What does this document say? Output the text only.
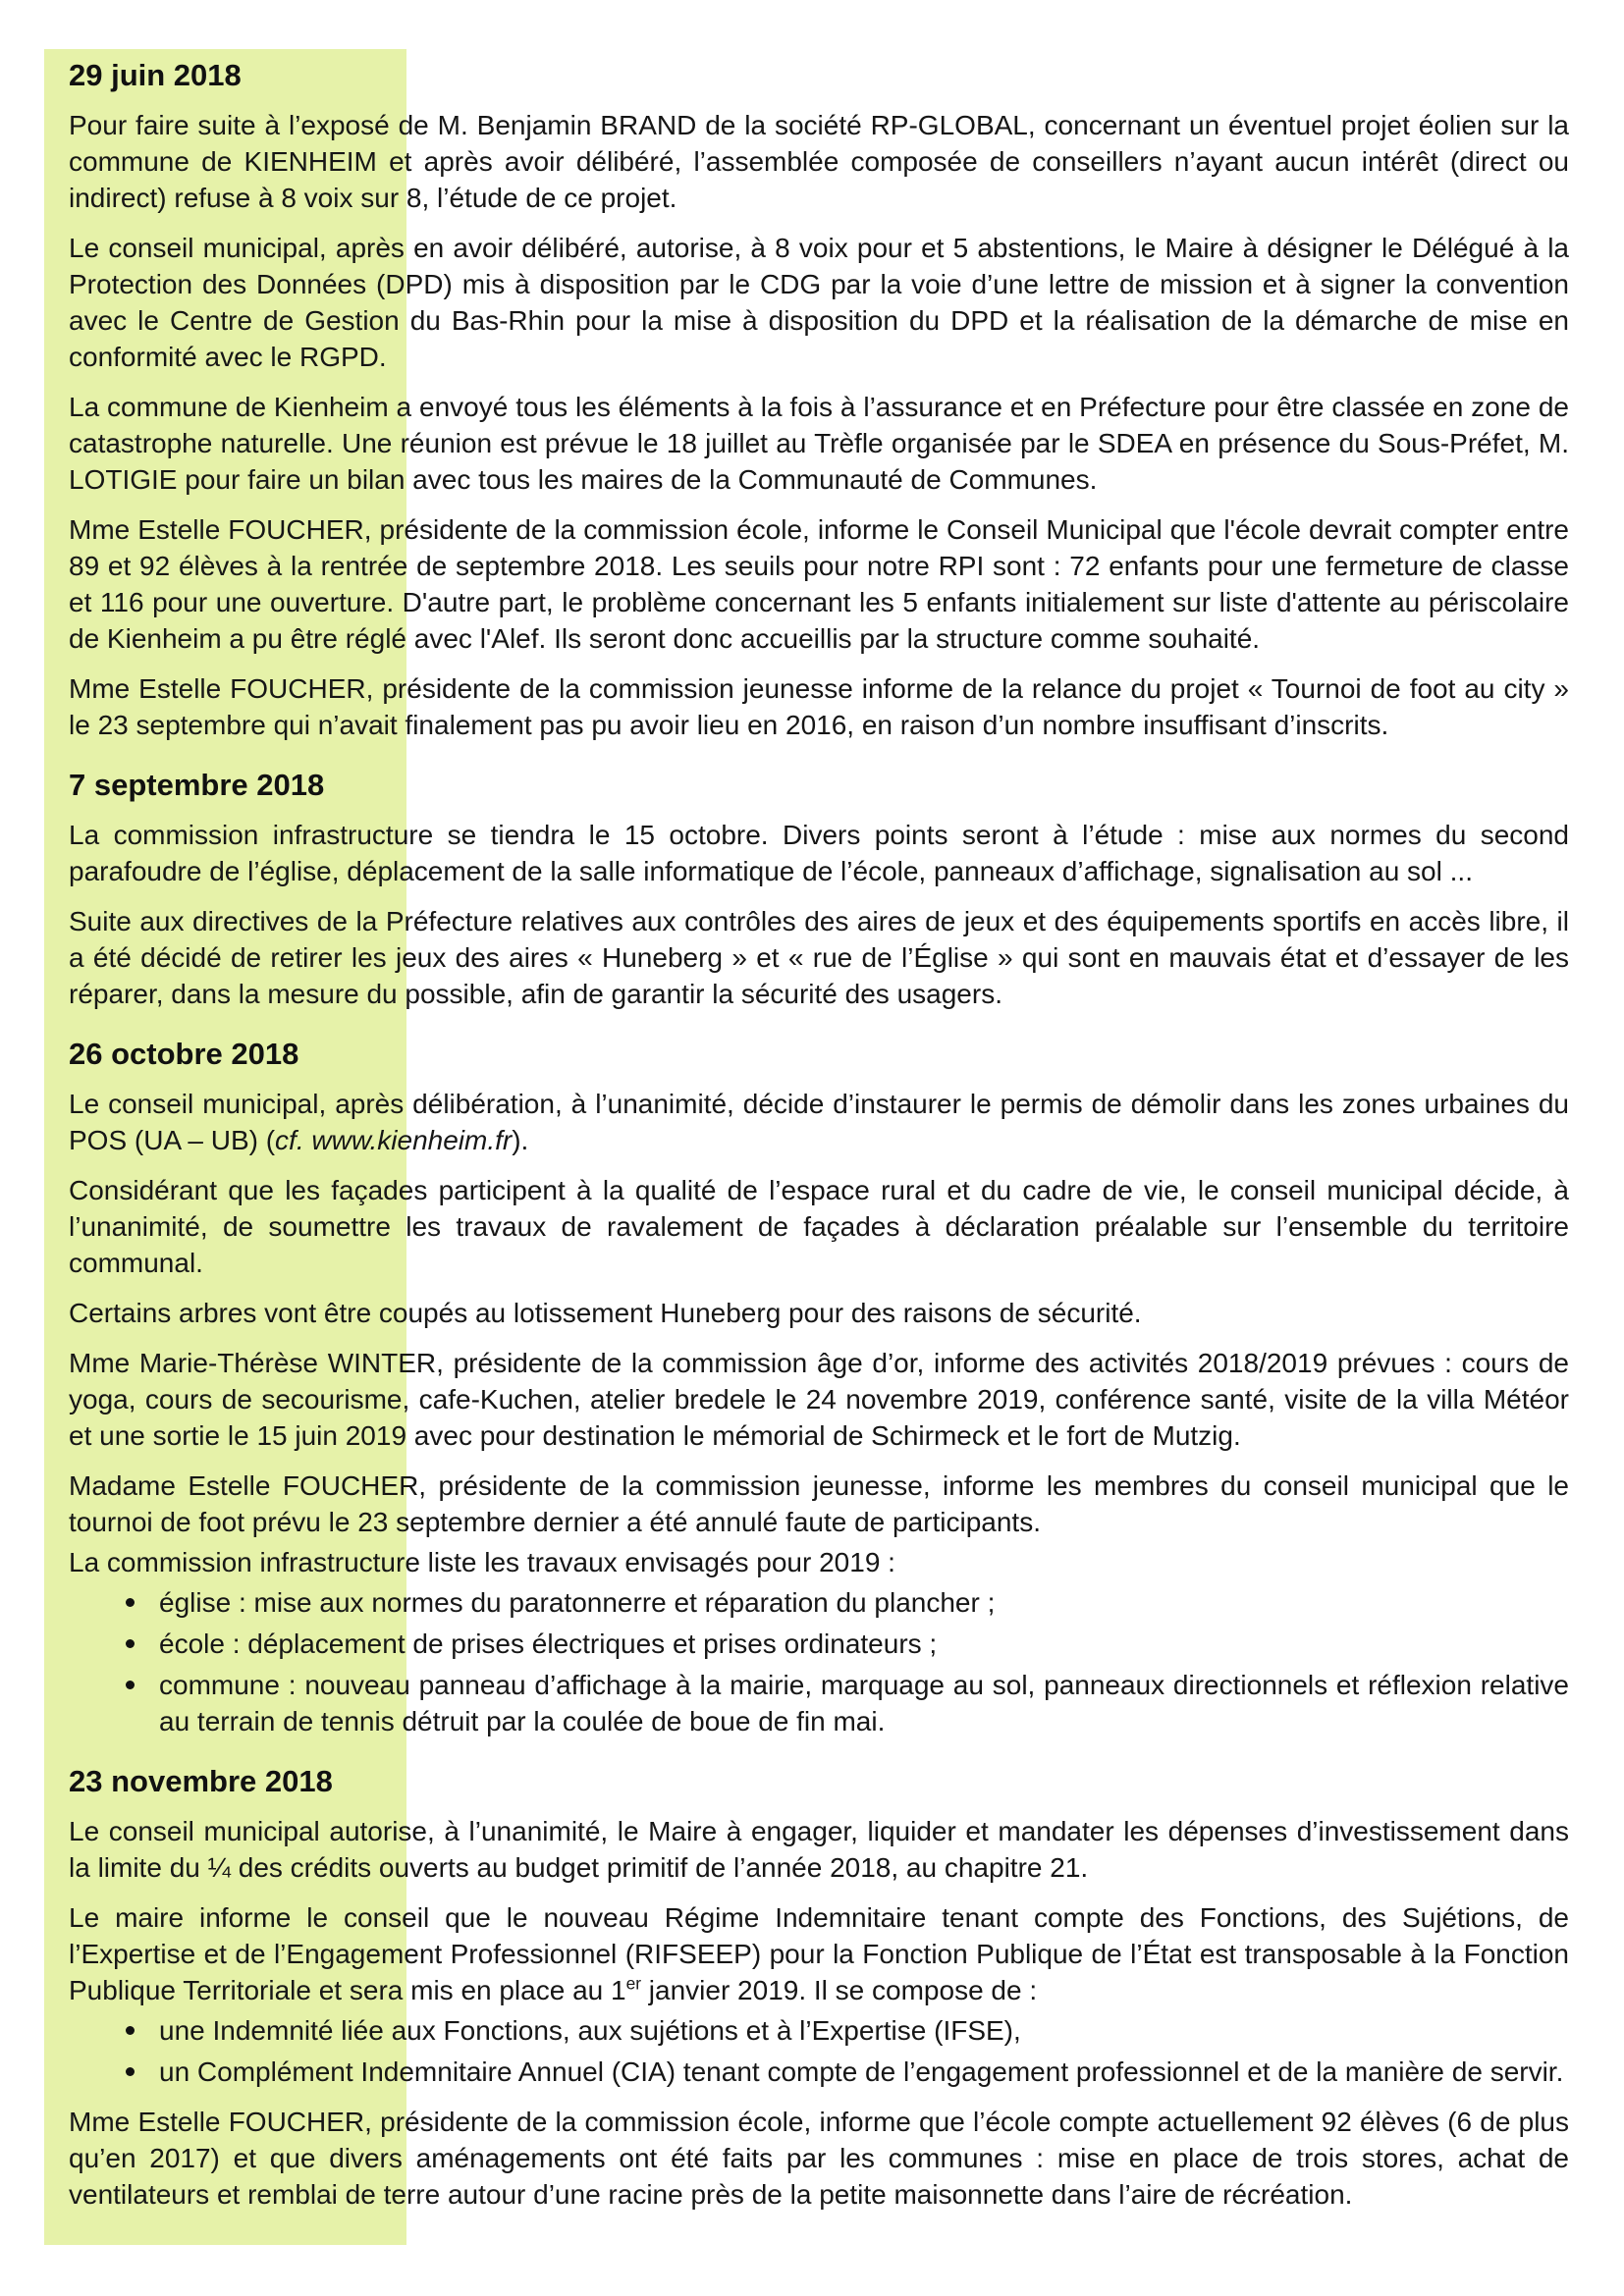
29 juin 2018

Pour faire suite à l’exposé de M. Benjamin BRAND de la société RP-GLOBAL, concernant un éventuel projet éolien sur la commune de KIENHEIM et après avoir délibéré, l’assemblée composée de conseillers n’ayant aucun intérêt (direct ou indirect) refuse à 8 voix sur 8, l’étude de ce projet.

Le conseil municipal, après en avoir délibéré, autorise, à 8 voix pour et 5 abstentions, le Maire à désigner le Délégué à la Protection des Données (DPD) mis à disposition par le CDG par la voie d’une lettre de mission et à signer la convention avec le Centre de Gestion du Bas-Rhin pour la mise à disposition du DPD et la réalisation de la démarche de mise en conformité avec le RGPD.

La commune de Kienheim a envoyé tous les éléments à la fois à l’assurance et en Préfecture pour être classée en zone de catastrophe naturelle. Une réunion est prévue le 18 juillet au Trèfle organisée par le SDEA en présence du Sous-Préfet, M. LOTIGIE pour faire un bilan avec tous les maires de la Communauté de Communes.

Mme Estelle FOUCHER, présidente de la commission école, informe le Conseil Municipal que l'école devrait compter entre 89 et 92 élèves à la rentrée de septembre 2018. Les seuils pour notre RPI sont : 72 enfants pour une fermeture de classe et 116 pour une ouverture. D'autre part, le problème concernant les 5 enfants initialement sur liste d'attente au périscolaire de Kienheim a pu être réglé avec l'Alef. Ils seront donc accueillis par la structure comme souhaité.

Mme Estelle FOUCHER, présidente de la commission jeunesse informe de la relance du projet « Tournoi de foot au city » le 23 septembre qui n’avait finalement pas pu avoir lieu en 2016, en raison d’un nombre insuffisant d’inscrits.

7 septembre 2018

La commission infrastructure se tiendra le 15 octobre. Divers points seront à l’étude : mise aux normes du second parafoudre de l’église, déplacement de la salle informatique de l’école, panneaux d’affichage, signalisation au sol ...

Suite aux directives de la Préfecture relatives aux contrôles des aires de jeux et des équipements sportifs en accès libre, il a été décidé de retirer les jeux des aires « Huneberg » et « rue de l’Église » qui sont en mauvais état et d’essayer de les réparer, dans la mesure du possible, afin de garantir la sécurité des usagers.

26 octobre 2018

Le conseil municipal, après délibération, à l’unanimité, décide d’instaurer le permis de démolir dans les zones urbaines du POS (UA – UB) (cf. www.kienheim.fr).

Considérant que les façades participent à la qualité de l’espace rural et du cadre de vie, le conseil municipal décide, à l’unanimité, de soumettre les travaux de ravalement de façades à déclaration préalable sur l’ensemble du territoire communal.

Certains arbres vont être coupés au lotissement Huneberg pour des raisons de sécurité.

Mme Marie-Thérèse WINTER, présidente de la commission âge d’or, informe des activités 2018/2019 prévues : cours de yoga, cours de secourisme, cafe-Kuchen, atelier bredele le 24 novembre 2019, conférence santé, visite de la villa Météor et une sortie le 15 juin 2019 avec pour destination le mémorial de Schirmeck et le fort de Mutzig.

Madame Estelle FOUCHER, présidente de la commission jeunesse, informe les membres du conseil municipal que le tournoi de foot prévu le 23 septembre dernier a été annulé faute de participants.

La commission infrastructure liste les travaux envisagés pour 2019 :

église : mise aux normes du paratonnerre et réparation du plancher ;
école : déplacement de prises électriques et prises ordinateurs ;
commune : nouveau panneau d’affichage à la mairie, marquage au sol, panneaux directionnels et réflexion relative au terrain de tennis détruit par la coulée de boue de fin mai.
23 novembre 2018

Le conseil municipal autorise, à l’unanimité, le Maire à engager, liquider et mandater les dépenses d’investissement dans la limite du ¼ des crédits ouverts au budget primitif de l’année 2018, au chapitre 21.

Le maire informe le conseil que le nouveau Régime Indemnitaire tenant compte des Fonctions, des Sujétions, de l’Expertise et de l’Engagement Professionnel (RIFSEEP) pour la Fonction Publique de l’État est transposable à la Fonction Publique Territoriale et sera mis en place au 1er janvier 2019. Il se compose de :

une Indemnité liée aux Fonctions, aux sujétions et à l’Expertise (IFSE),
un Complément Indemnitaire Annuel (CIA) tenant compte de l’engagement professionnel et de la manière de servir.

Mme Estelle FOUCHER, présidente de la commission école, informe que l’école compte actuellement 92 élèves (6 de plus qu’en 2017) et que divers aménagements ont été faits par les communes : mise en place de trois stores, achat de ventilateurs et remblai de terre autour d’une racine près de la petite maisonnette dans l’aire de récréation.
